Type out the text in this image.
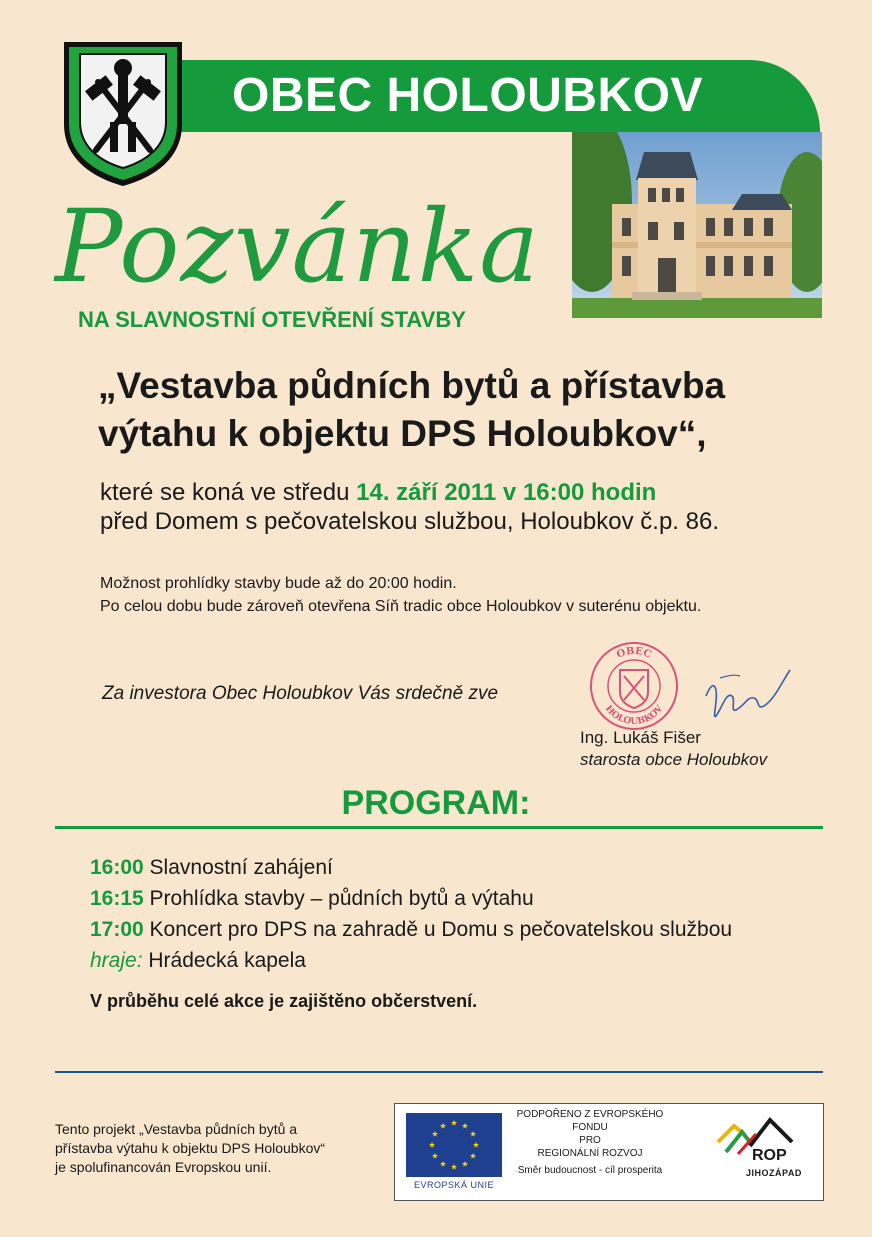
OBEC HOLOUBKOV
Pozvánka
NA SLAVNOSTNÍ OTEVŘENÍ STAVBY
„Vestavba půdních bytů a přístavba
výtahu k objektu DPS Holoubkov“,
které se koná ve středu 14. září 2011 v 16:00 hodin
před Domem s pečovatelskou službou, Holoubkov č.p. 86.
Možnost prohlídky stavby bude až do 20:00 hodin.
Po celou dobu bude zároveň otevřena Síň tradic obce Holoubkov v suterénu objektu.
Za investora Obec Holoubkov Vás srdečně zve
OBEC
HOLOUBKOV
Ing. Lukáš Fišer
starosta obce Holoubkov
PROGRAM:
16:00 Slavnostní zahájení
16:15 Prohlídka stavby – půdních bytů a výtahu
17:00 Koncert pro DPS na zahradě u Domu s pečovatelskou službou
hraje: Hrádecká kapela
V průběhu celé akce je zajištěno občerstvení.
Tento projekt „Vestavba půdních bytů a
přístavba výtahu k objektu DPS Holoubkov“
je spolufinancován Evropskou unií.
EVROPSKÁ UNIE
PODPOŘENO Z EVROPSKÉHO FONDU
PRO
REGIONÁLNÍ ROZVOJ
Směr budoucnost - cíl prosperita
ROP
JIHOZÁPAD
